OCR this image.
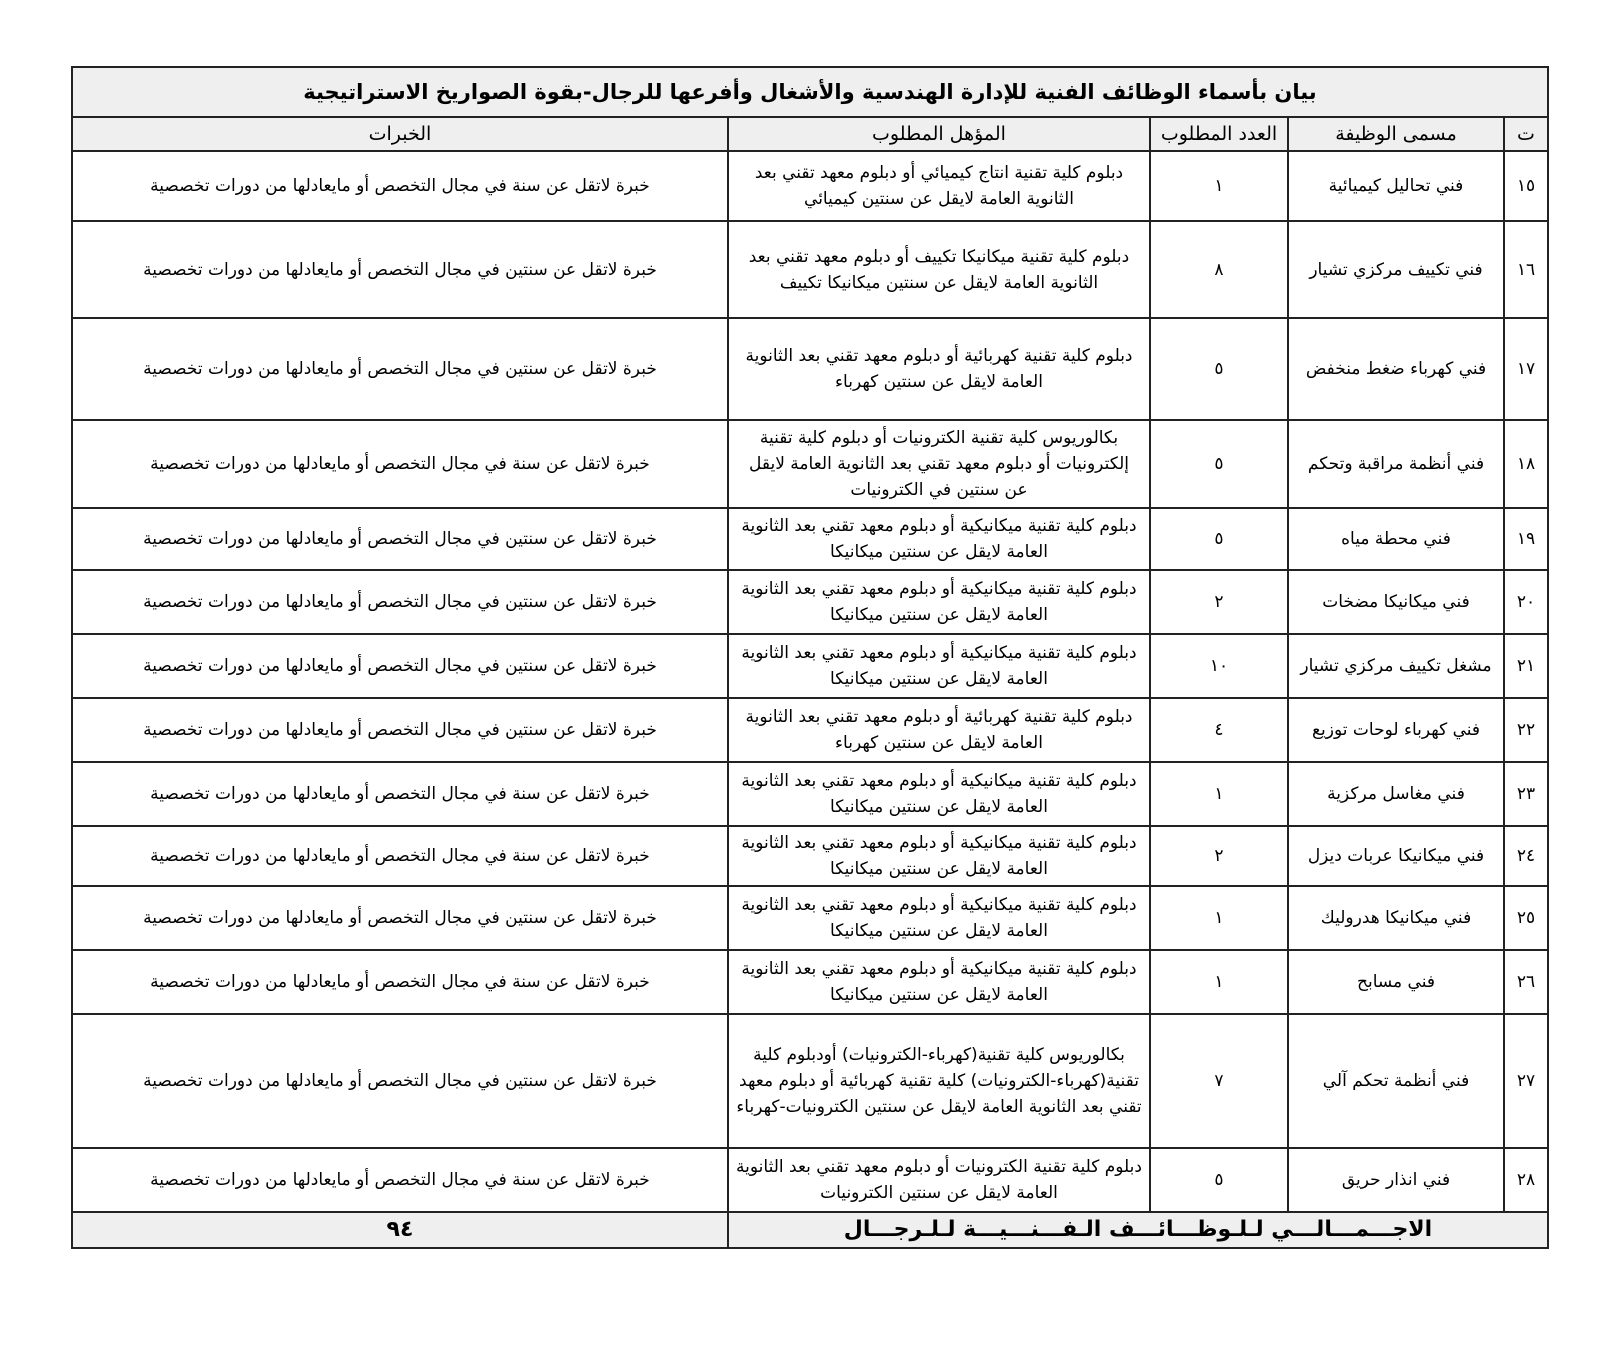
بيان بأسماء الوظائف الفنية للإدارة الهندسية والأشغال وأفرعها للرجال-بقوة الصواريخ الاستراتيجية				
ت	مسمى الوظيفة	العدد المطلوب	المؤهل المطلوب	الخبرات
١٥	فني تحاليل كيميائية	١	دبلوم كلية تقنية انتاج كيميائي أو دبلوم معهد تقني بعد الثانوية العامة لايقل عن سنتين كيميائي	خبرة لاتقل عن سنة في مجال التخصص أو مايعادلها من دورات تخصصية
١٦	فني تكييف مركزي تشيار	٨	دبلوم كلية تقنية ميكانيكا تكييف أو دبلوم معهد تقني بعد الثانوية العامة لايقل عن سنتين ميكانيكا تكييف	خبرة لاتقل عن سنتين في مجال التخصص أو مايعادلها من دورات تخصصية
١٧	فني كهرباء ضغط منخفض	٥	دبلوم كلية تقنية كهربائية أو دبلوم معهد تقني بعد الثانوية العامة لايقل عن سنتين كهرباء	خبرة لاتقل عن سنتين في مجال التخصص أو مايعادلها من دورات تخصصية
١٨	فني أنظمة مراقبة وتحكم	٥	بكالوريوس كلية تقنية الكترونيات أو دبلوم كلية تقنية إلكترونيات أو دبلوم معهد تقني بعد الثانوية العامة لايقل عن سنتين في الكترونيات	خبرة لاتقل عن سنة في مجال التخصص أو مايعادلها من دورات تخصصية
١٩	فني محطة مياه	٥	دبلوم كلية تقنية ميكانيكية أو دبلوم معهد تقني بعد الثانوية العامة لايقل عن سنتين ميكانيكا	خبرة لاتقل عن سنتين في مجال التخصص أو مايعادلها من دورات تخصصية
٢٠	فني ميكانيكا مضخات	٢	دبلوم كلية تقنية ميكانيكية أو دبلوم معهد تقني بعد الثانوية العامة لايقل عن سنتين ميكانيكا	خبرة لاتقل عن سنتين في مجال التخصص أو مايعادلها من دورات تخصصية
٢١	مشغل تكييف مركزي تشيار	١٠	دبلوم كلية تقنية ميكانيكية أو دبلوم معهد تقني بعد الثانوية العامة لايقل عن سنتين ميكانيكا	خبرة لاتقل عن سنتين في مجال التخصص أو مايعادلها من دورات تخصصية
٢٢	فني كهرباء لوحات توزيع	٤	دبلوم كلية تقنية كهربائية أو دبلوم معهد تقني بعد الثانوية العامة لايقل عن سنتين كهرباء	خبرة لاتقل عن سنتين في مجال التخصص أو مايعادلها من دورات تخصصية
٢٣	فني مغاسل مركزية	١	دبلوم كلية تقنية ميكانيكية أو دبلوم معهد تقني بعد الثانوية العامة لايقل عن سنتين ميكانيكا	خبرة لاتقل عن سنة في مجال التخصص أو مايعادلها من دورات تخصصية
٢٤	فني ميكانيكا عربات ديزل	٢	دبلوم كلية تقنية ميكانيكية أو دبلوم معهد تقني بعد الثانوية العامة لايقل عن سنتين ميكانيكا	خبرة لاتقل عن سنة في مجال التخصص أو مايعادلها من دورات تخصصية
٢٥	فني ميكانيكا هدروليك	١	دبلوم كلية تقنية ميكانيكية أو دبلوم معهد تقني بعد الثانوية العامة لايقل عن سنتين ميكانيكا	خبرة لاتقل عن سنتين في مجال التخصص أو مايعادلها من دورات تخصصية
٢٦	فني مسابح	١	دبلوم كلية تقنية ميكانيكية أو دبلوم معهد تقني بعد الثانوية العامة لايقل عن سنتين ميكانيكا	خبرة لاتقل عن سنة في مجال التخصص أو مايعادلها من دورات تخصصية
٢٧	فني أنظمة تحكم آلي	٧	بكالوريوس كلية تقنية(كهرباء-الكترونيات) أودبلوم كلية تقنية(كهرباء-الكترونيات) كلية تقنية كهربائية أو دبلوم معهد تقني بعد الثانوية العامة لايقل عن سنتين الكترونيات-كهرباء	خبرة لاتقل عن سنتين في مجال التخصص أو مايعادلها من دورات تخصصية
٢٨	فني انذار حريق	٥	دبلوم كلية تقنية الكترونيات أو دبلوم معهد تقني بعد الثانوية العامة لايقل عن سنتين الكترونيات	خبرة لاتقل عن سنة في مجال التخصص أو مايعادلها من دورات تخصصية
الاجـــمـــالـــي لـلـوظـــائـــف الـفـــنـــيـــة لـلـرجـــال				٩٤
